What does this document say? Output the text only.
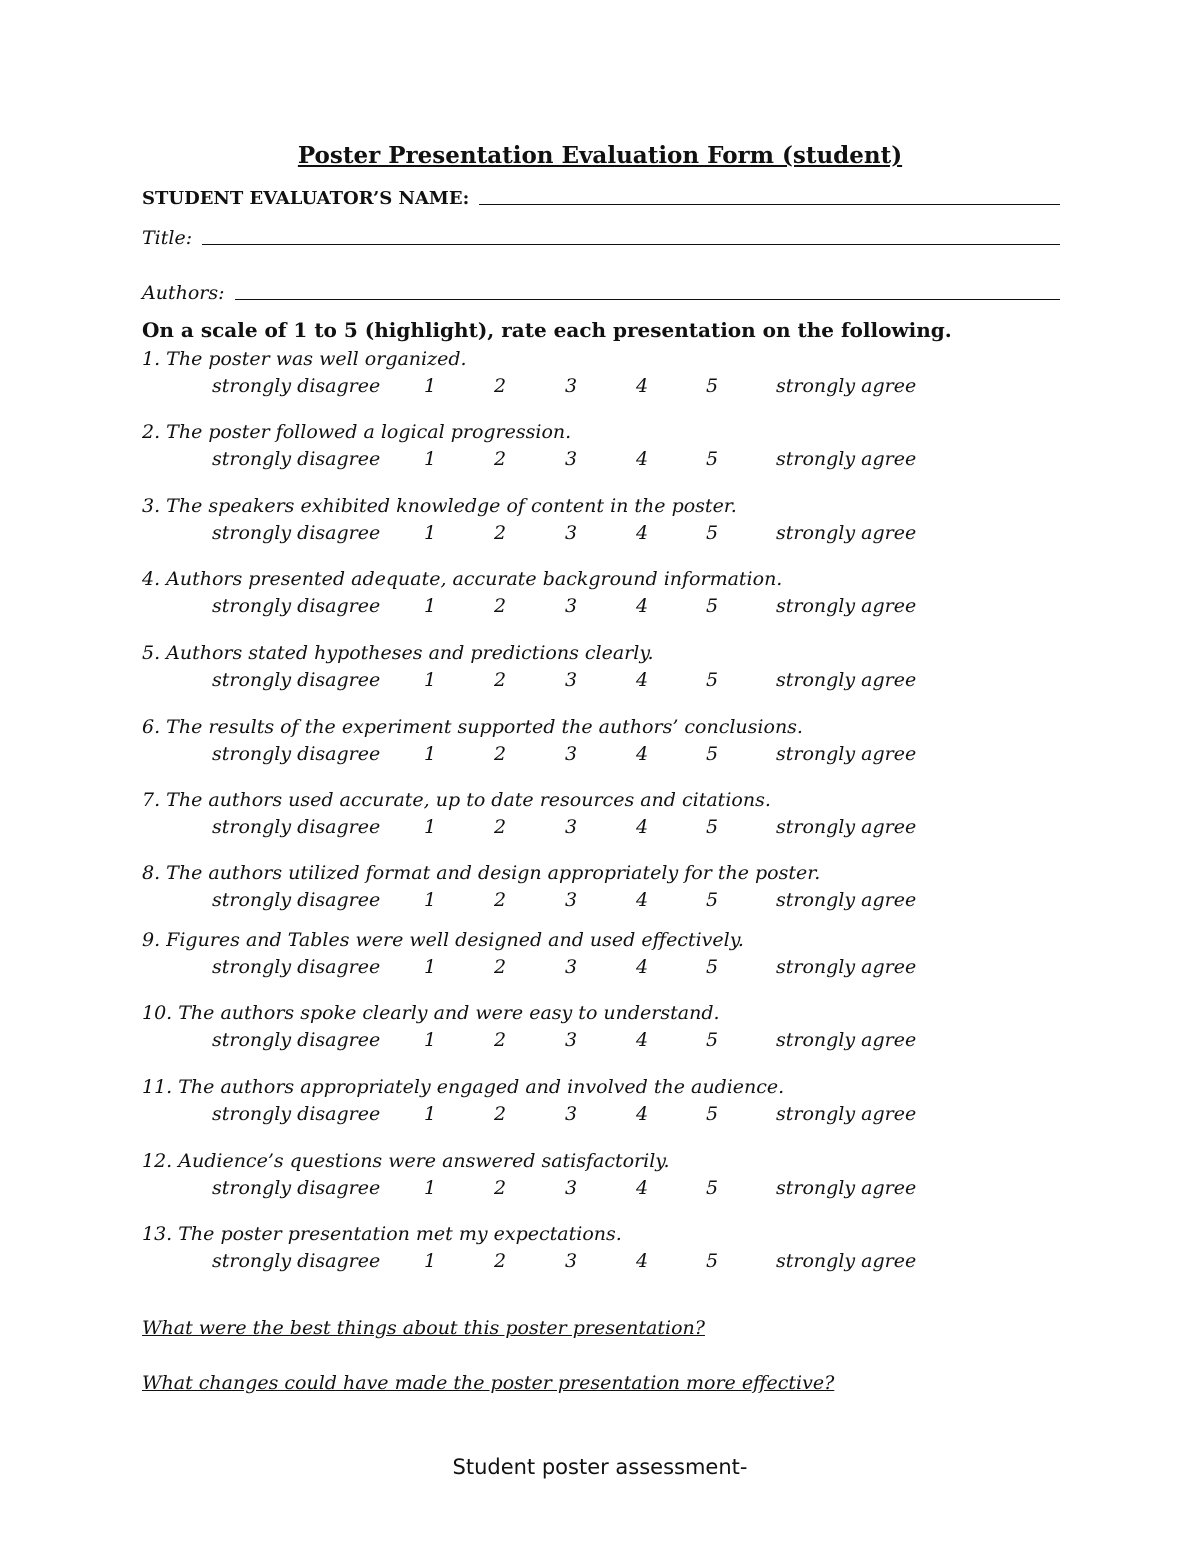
Poster Presentation Evaluation Form (student)
STUDENT EVALUATOR’S NAME:
Title:
Authors:
On a scale of 1 to 5 (highlight), rate each presentation on the following.
1. The poster was well organized.
strongly disagree 1	2	3	4	5	strongly agree
2. The poster followed a logical progression.
strongly disagree 1	2	3	4	5	strongly agree
3. The speakers exhibited knowledge of content in the poster.
strongly disagree 1	2	3	4	5	strongly agree
4. Authors presented adequate, accurate background information.
strongly disagree 1	2	3	4	5	strongly agree
5. Authors stated hypotheses and predictions clearly.
strongly disagree 1	2	3	4	5	strongly agree
6. The results of the experiment supported the authors’ conclusions.
strongly disagree 1	2	3	4	5	strongly agree
7. The authors used accurate, up to date resources and citations.
strongly disagree 1	2	3	4	5	strongly agree
8. The authors utilized format and design appropriately for the poster.
strongly disagree 1	2	3	4	5	strongly agree
9. Figures and Tables were well designed and used effectively.
strongly disagree 1	2	3	4	5	strongly agree
10. The authors spoke clearly and were easy to understand.
strongly disagree 1	2	3	4	5	strongly agree
11. The authors appropriately engaged and involved the audience.
strongly disagree 1	2	3	4	5	strongly agree
12. Audience’s questions were answered satisfactorily.
strongly disagree 1	2	3	4	5	strongly agree
13. The poster presentation met my expectations.
strongly disagree 1	2	3	4	5	strongly agree
What were the best things about this poster presentation?
What changes could have made the poster presentation more effective?
Student poster assessment-
